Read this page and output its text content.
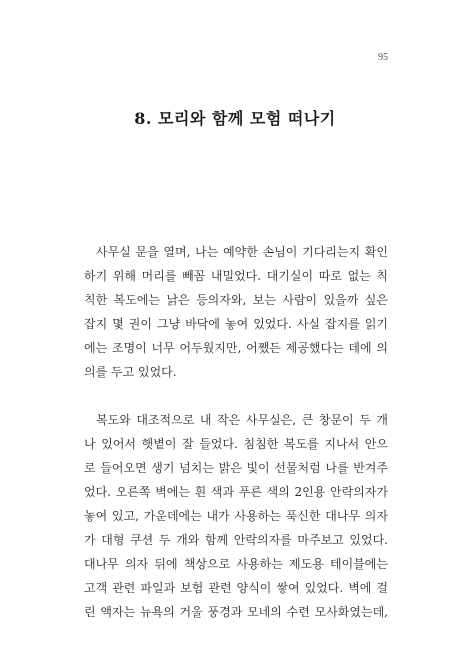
95
8. 모리와 함께 모험 떠나기

사무실 문을 열며, 나는 예약한 손님이 기다리는지 확인
하기 위해 머리를 빼꼼 내밀었다. 대기실이 따로 없는 칙
칙한 복도에는 낡은 등의자와, 보는 사람이 있을까 싶은
잡지 몇 권이 그냥 바닥에 놓여 있었다. 사실 잡지를 읽기
에는 조명이 너무 어두웠지만, 어쨌든 제공했다는 데에 의
의를 두고 있었다.

복도와 대조적으로 내 작은 사무실은, 큰 창문이 두 개
나 있어서 햇볕이 잘 들었다. 침침한 복도를 지나서 안으
로 들어오면 생기 넘치는 밝은 빛이 선물처럼 나를 반겨주
었다. 오른쪽 벽에는 흰 색과 푸른 색의 2인용 안락의자가
놓여 있고, 가운데에는 내가 사용하는 푹신한 대나무 의자
가 대형 쿠션 두 개와 함께 안락의자를 마주보고 있었다.
대나무 의자 뒤에 책상으로 사용하는 제도용 테이블에는
고객 관련 파일과 보험 관련 양식이 쌓여 있었다. 벽에 걸
린 액자는 뉴욕의 거울 풍경과 모네의 수련 모사화였는데,
